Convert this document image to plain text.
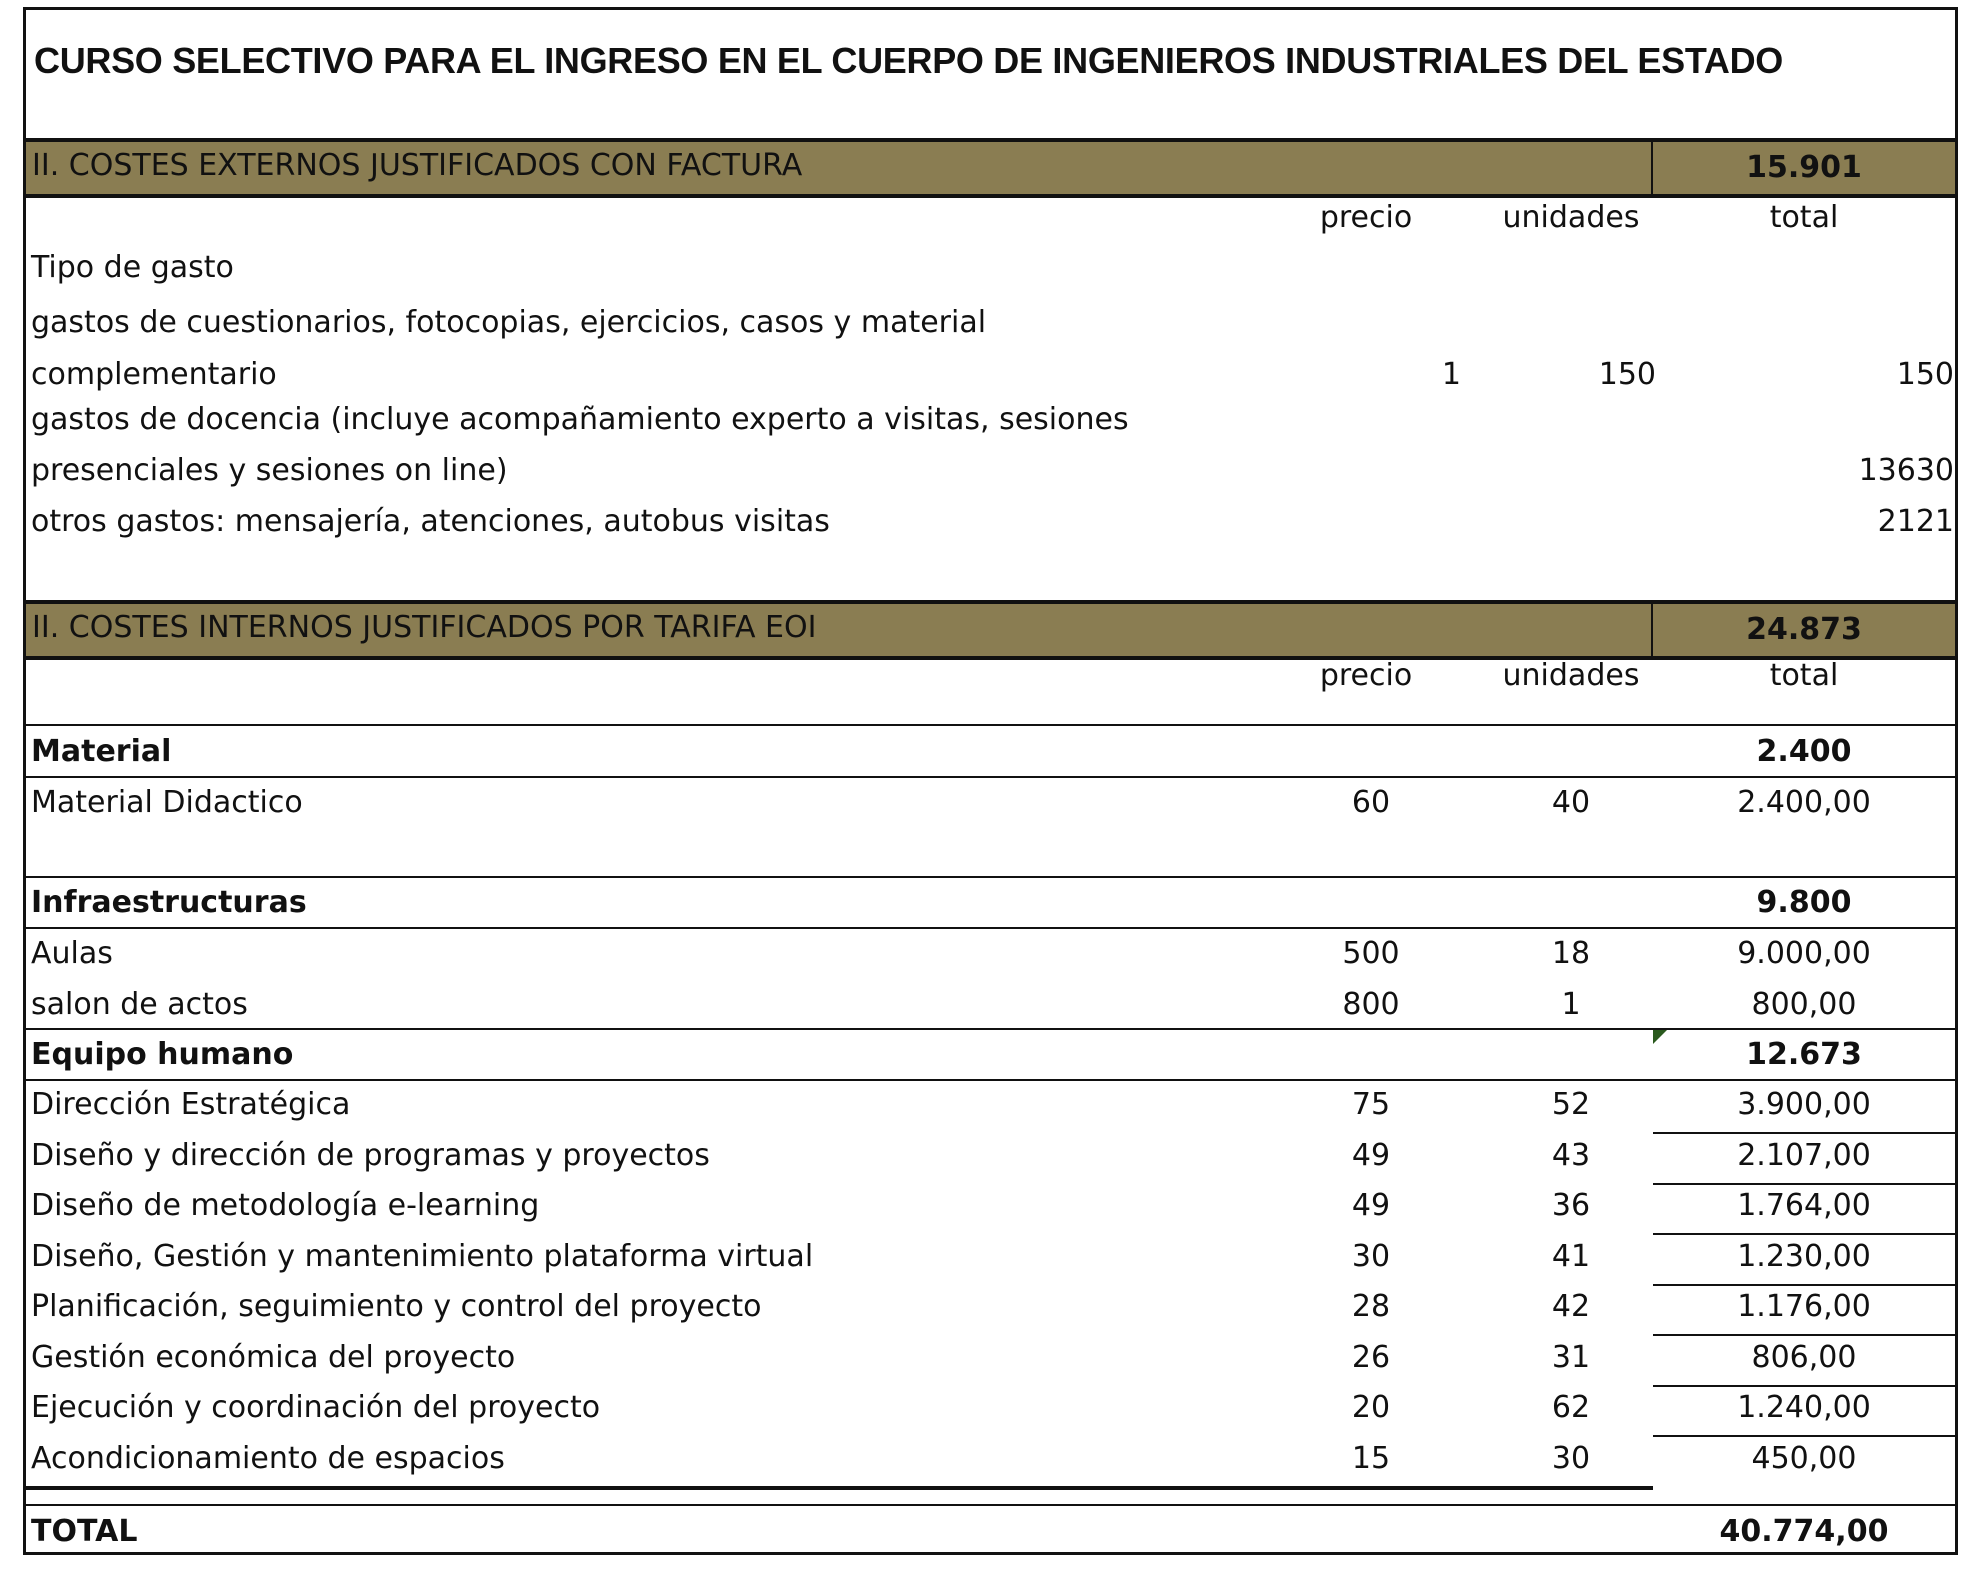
CURSO SELECTIVO PARA EL INGRESO EN EL CUERPO DE INGENIEROS INDUSTRIALES DEL ESTADO
II. COSTES EXTERNOS JUSTIFICADOS CON FACTURA	15.901
precio	unidades	total
Tipo de gasto
gastos de cuestionarios, fotocopias, ejercicios, casos y material
complementario	1	150	150
gastos de docencia (incluye acompañamiento experto a visitas, sesiones
presenciales y sesiones on line)	13630
otros gastos: mensajería, atenciones, autobus visitas	2121
II. COSTES INTERNOS JUSTIFICADOS POR TARIFA EOI	24.873
precio	unidades	total
Material	2.400
Material Didactico	60	40	2.400,00
Infraestructuras	9.800
Aulas	500	18	9.000,00
salon de actos	800	1	800,00
Equipo humano	12.673
Dirección Estratégica	75	52	3.900,00
Diseño y dirección de programas y proyectos	49	43	2.107,00
Diseño de metodología e-learning	49	36	1.764,00
Diseño, Gestión y mantenimiento plataforma virtual	30	41	1.230,00
Planificación, seguimiento y control del proyecto	28	42	1.176,00
Gestión económica del proyecto	26	31	806,00
Ejecución y coordinación del proyecto	20	62	1.240,00
Acondicionamiento de espacios	15	30	450,00
TOTAL	40.774,00
